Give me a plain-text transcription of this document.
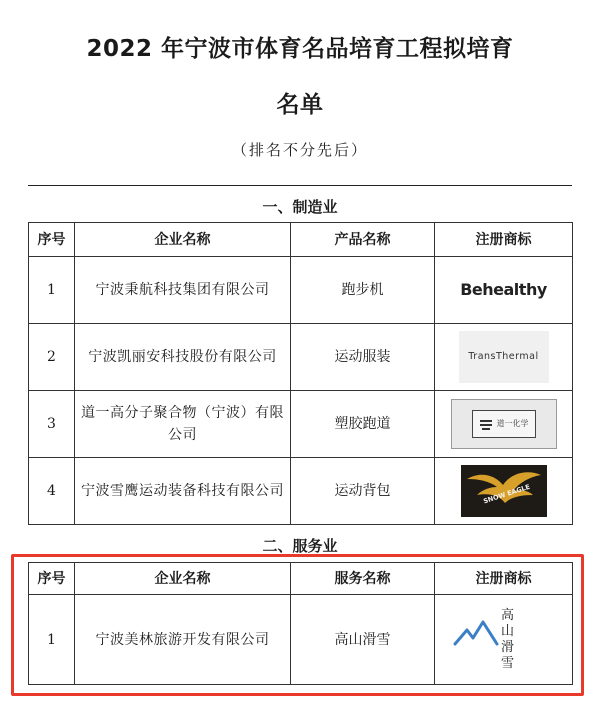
2022 年宁波市体育名品培育工程拟培育
名单
（排名不分先后）
一、制造业
序号	企业名称	产品名称	注册商标
1	宁波秉航科技集团有限公司	跑步机	Behealthy

2	宁波凯丽安科技股份有限公司	运动服装	TransThermal

3	道一高分子聚合物（宁波）有限公司	塑胶跑道	道一化学

4	宁波雪鹰运动装备科技有限公司	运动背包	SNOW EAGLE
二、服务业
序号	企业名称	服务名称	注册商标
1	宁波美林旅游开发有限公司	高山滑雪	高山滑雪
